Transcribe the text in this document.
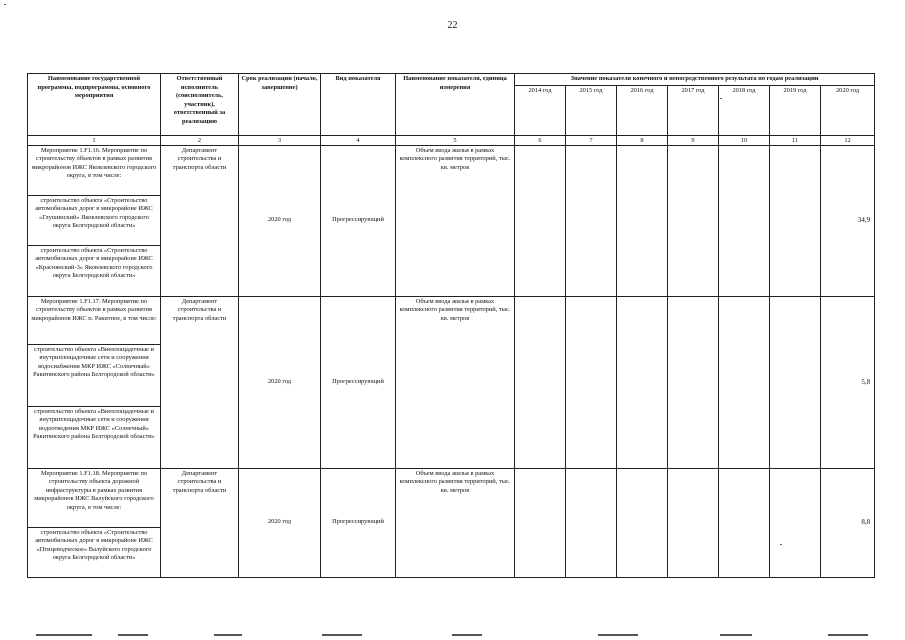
22
Наименование государственной программы, подпрограммы, основного мероприятия	Ответственный исполнитель (соисполнитель, участник), ответственный за реализацию	Срок реализации (начало, завершение)	Вид показателя	Наименование показателя, единица измерения	Значение показателя конечного и непосредственного результата по годам реализации						
					2014 год	2015 год	2016 год	2017 год	2018 год	2019 год	2020 год
1	2	3	4	5	6	7	8	9	10	11	12
Мероприятие 1.F1.16. Мероприятие по строительству объектов в рамках развития микрорайонов ИЖС Яковлевского городского округа, в том числе:	Департамент строительства и транспорта области	2020 год	Прогрессирующий	Объем ввода жилья в рамках комплексного развития территорий, тыс. кв. метров							34,9
строительство объекта «Строительство автомобильных дорог в микрорайоне ИЖС «Глушинский» Яковлевского городского округа Белгородской области»											
строительство объекта «Строительство автомобильных дорог в микрорайоне ИЖС «Краснянский-3» Яковлевского городского округа Белгородской области»											
Мероприятие 1.F1.17. Мероприятие по строительству объектов в рамках развития микрорайонов ИЖС п. Ракитное, в том числе:	Департамент строительства и транспорта области	2020 год	Прогрессирующий	Объем ввода жилья в рамках комплексного развития территорий, тыс. кв. метров							5,8
строительство объекта «Внеплощадочные и внутриплощадочные сети и сооружения водоснабжения МКР ИЖС «Солнечный» Ракитянского района Белгородской области»											
строительство объекта «Внеплощадочные и внутриплощадочные сети и сооружения водоотведения МКР ИЖС «Солнечный» Ракитянского района Белгородской области»											
Мероприятие 1.F1.18. Мероприятие по строительству объекта дорожной инфраструктуры в рамках развития микрорайонов ИЖС Валуйского городского округа, в том числе:	Департамент строительства и транспорта области	2020 год	Прогрессирующий	Объем ввода жилья в рамках комплексного развития территорий, тыс. кв. метров							8,8
строительство объекта «Строительство автомобильных дорог в микрорайоне ИЖС «Птицеводческое» Валуйского городского округа Белгородской области»											
